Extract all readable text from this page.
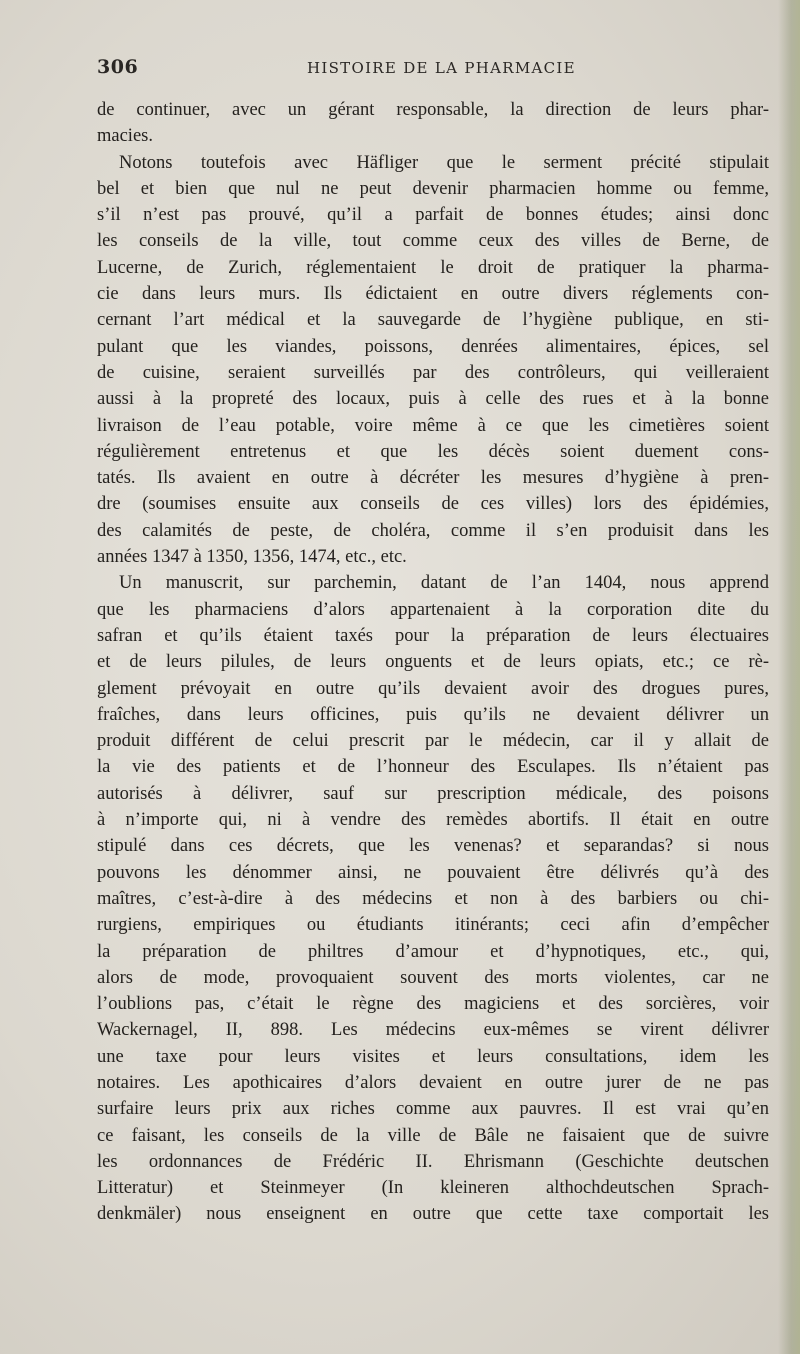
306	HISTOIRE DE LA PHARMACIE
de continuer, avec un gérant responsable, la direction de leurs phar-
macies.
Notons toutefois avec Häfliger que le serment précité stipulait
bel et bien que nul ne peut devenir pharmacien homme ou femme,
s’il n’est pas prouvé, qu’il a parfait de bonnes études; ainsi donc
les conseils de la ville, tout comme ceux des villes de Berne, de
Lucerne, de Zurich, réglementaient le droit de pratiquer la pharma-
cie dans leurs murs. Ils édictaient en outre divers réglements con-
cernant l’art médical et la sauvegarde de l’hygiène publique, en sti-
pulant que les viandes, poissons, denrées alimentaires, épices, sel
de cuisine, seraient surveillés par des contrôleurs, qui veilleraient
aussi à la propreté des locaux, puis à celle des rues et à la bonne
livraison de l’eau potable, voire même à ce que les cimetières soient
régulièrement entretenus et que les décès soient duement cons-
tatés. Ils avaient en outre à décréter les mesures d’hygiène à pren-
dre (soumises ensuite aux conseils de ces villes) lors des épidémies,
des calamités de peste, de choléra, comme il s’en produisit dans les
années 1347 à 1350, 1356, 1474, etc., etc.
Un manuscrit, sur parchemin, datant de l’an 1404, nous apprend
que les pharmaciens d’alors appartenaient à la corporation dite du
safran et qu’ils étaient taxés pour la préparation de leurs électuaires
et de leurs pilules, de leurs onguents et de leurs opiats, etc.; ce rè-
glement prévoyait en outre qu’ils devaient avoir des drogues pures,
fraîches, dans leurs officines, puis qu’ils ne devaient délivrer un
produit différent de celui prescrit par le médecin, car il y allait de
la vie des patients et de l’honneur des Esculapes. Ils n’étaient pas
autorisés à délivrer, sauf sur prescription médicale, des poisons
à n’importe qui, ni à vendre des remèdes abortifs. Il était en outre
stipulé dans ces décrets, que les venenas? et separandas? si nous
pouvons les dénommer ainsi, ne pouvaient être délivrés qu’à des
maîtres, c’est-à-dire à des médecins et non à des barbiers ou chi-
rurgiens, empiriques ou étudiants itinérants; ceci afin d’empêcher
la préparation de philtres d’amour et d’hypnotiques, etc., qui,
alors de mode, provoquaient souvent des morts violentes, car ne
l’oublions pas, c’était le règne des magiciens et des sorcières, voir
Wackernagel, II, 898. Les médecins eux-mêmes se virent délivrer
une taxe pour leurs visites et leurs consultations, idem les
notaires. Les apothicaires d’alors devaient en outre jurer de ne pas
surfaire leurs prix aux riches comme aux pauvres. Il est vrai qu’en
ce faisant, les conseils de la ville de Bâle ne faisaient que de suivre
les ordonnances de Frédéric II. Ehrismann (Geschichte deutschen
Litteratur) et Steinmeyer (In kleineren althochdeutschen Sprach-
denkmäler) nous enseignent en outre que cette taxe comportait les
